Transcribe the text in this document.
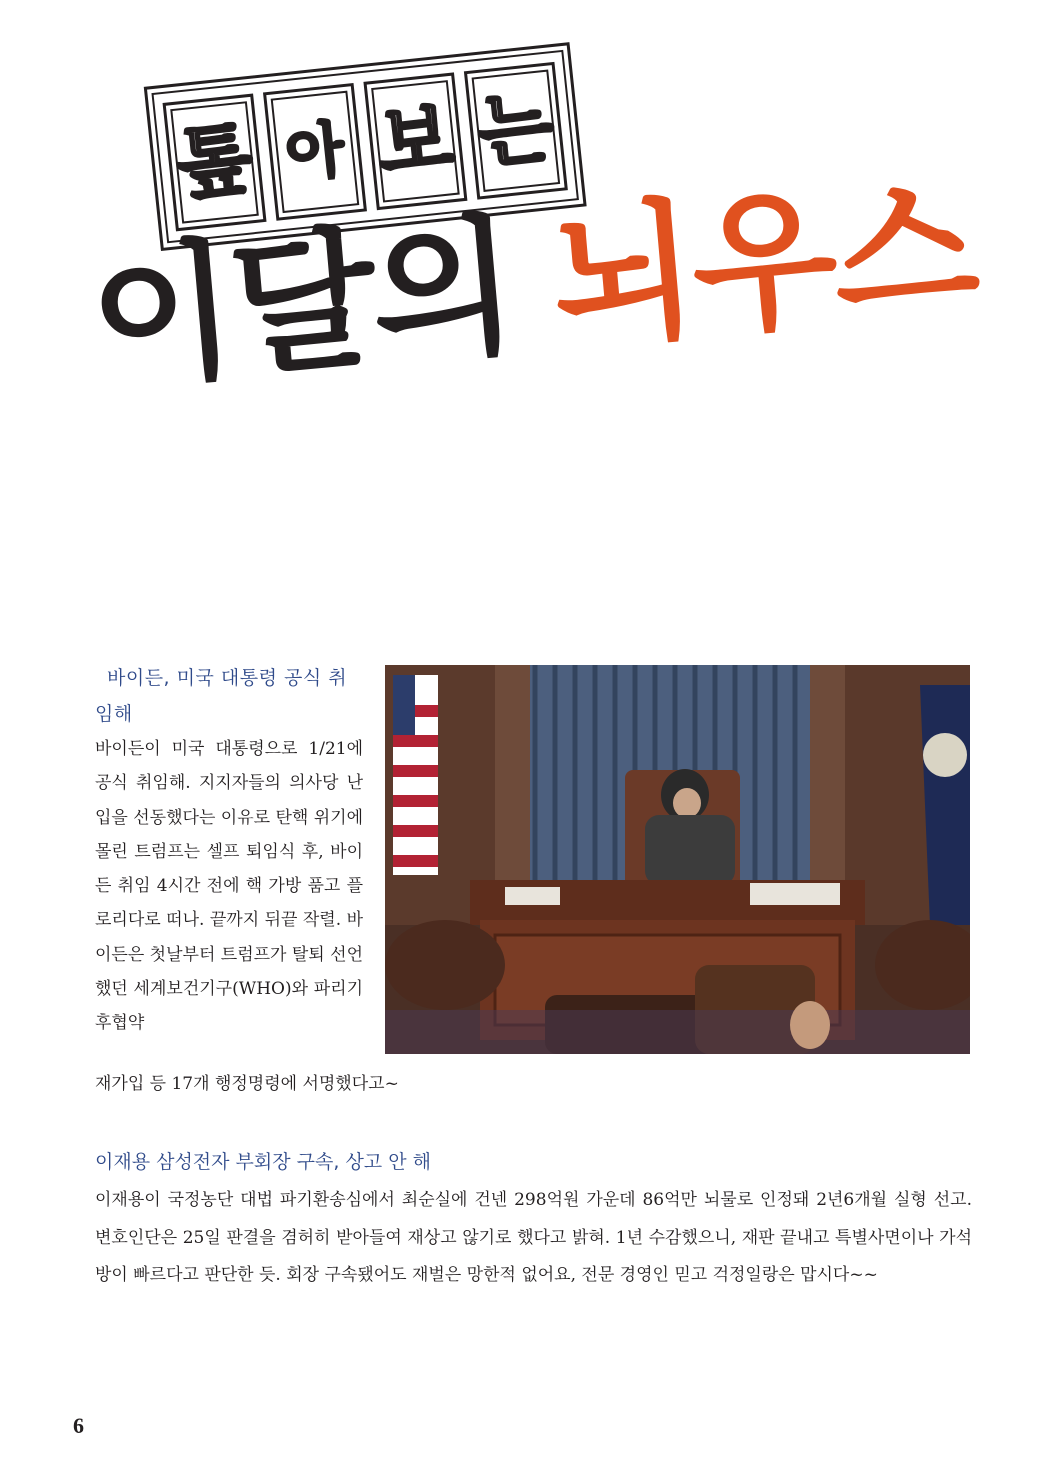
톺 아 보 는
이달의 뇌우스
바이든, 미국 대통령 공식 취임해
바이든이 미국 대통령으로 1/21에 공식 취임해. 지지자들의 의사당 난입을 선동했다는 이유로 탄핵 위기에 몰린 트럼프는 셀프 퇴임식 후, 바이든 취임 4시간 전에 핵 가방 품고 플로리다로 떠나. 끝까지 뒤끝 작렬. 바이든은 첫날부터 트럼프가 탈퇴 선언했던 세계보건기구(WHO)와 파리기후협약
재가입 등 17개 행정명령에 서명했다고~
이재용 삼성전자 부회장 구속, 상고 안 해
이재용이 국정농단 대법 파기환송심에서 최순실에 건넨 298억원 가운데 86억만 뇌물로 인정돼 2년6개월 실형 선고. 변호인단은 25일 판결을 겸허히 받아들여 재상고 않기로 했다고 밝혀. 1년 수감했으니, 재판 끝내고 특별사면이나 가석방이 빠르다고 판단한 듯. 회장 구속됐어도 재벌은 망한적 없어요, 전문 경영인 믿고 걱정일랑은 맙시다~~
6
